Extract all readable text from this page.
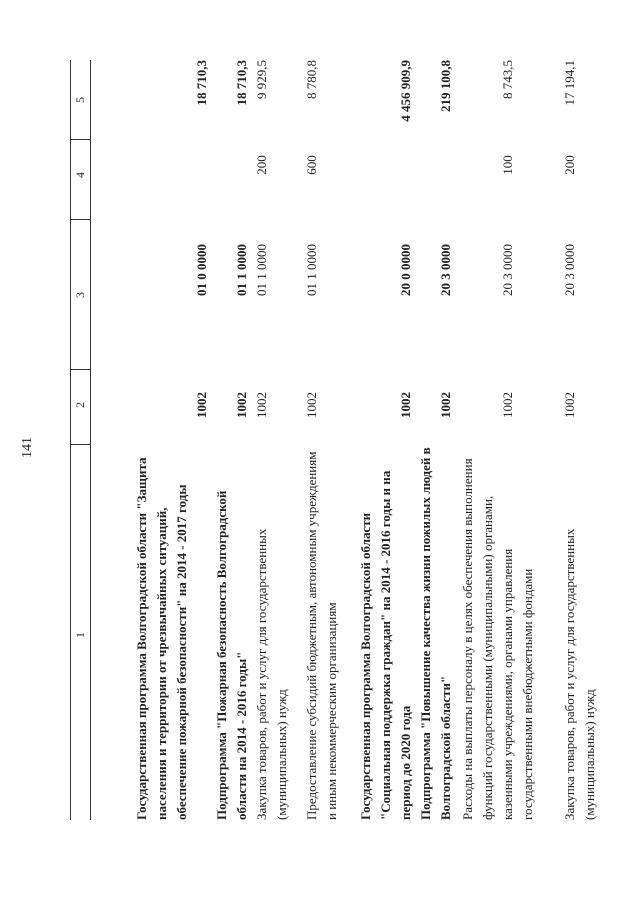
141
1
2
3
4
5
Государственная программа Волгоградской области "Защита населения и территории от чрезвычайных ситуаций, обеспечение пожарной безопасности" на 2014 - 2017 годы
1002
01 0 0000
18 710,3
Подпрограмма "Пожарная безопасность Волгоградской области на 2014 - 2016 годы"
1002
01 1 0000
18 710,3
Закупка товаров, работ и услуг для государственных (муниципальных) нужд
1002
01 1 0000
200
9 929,5
Предоставление субсидий бюджетным, автономным учреждениям и иным некоммерческим организациям
1002
01 1 0000
600
8 780,8
Государственная программа Волгоградской области "Социальная поддержка граждан" на 2014 - 2016 годы и на период до 2020 года
1002
20 0 0000
4 456 909,9
Подпрограмма "Повышение качества жизни пожилых людей в Волгоградской области"
1002
20 3 0000
219 100,8
Расходы на выплаты персоналу в целях обеспечения выполнения функций государственными (муниципальными) органами, казенными учреждениями, органами управления государственными внебюджетными фондами
1002
20 3 0000
100
8 743,5
Закупка товаров, работ и услуг для государственных (муниципальных) нужд
1002
20 3 0000
200
17 194,1
